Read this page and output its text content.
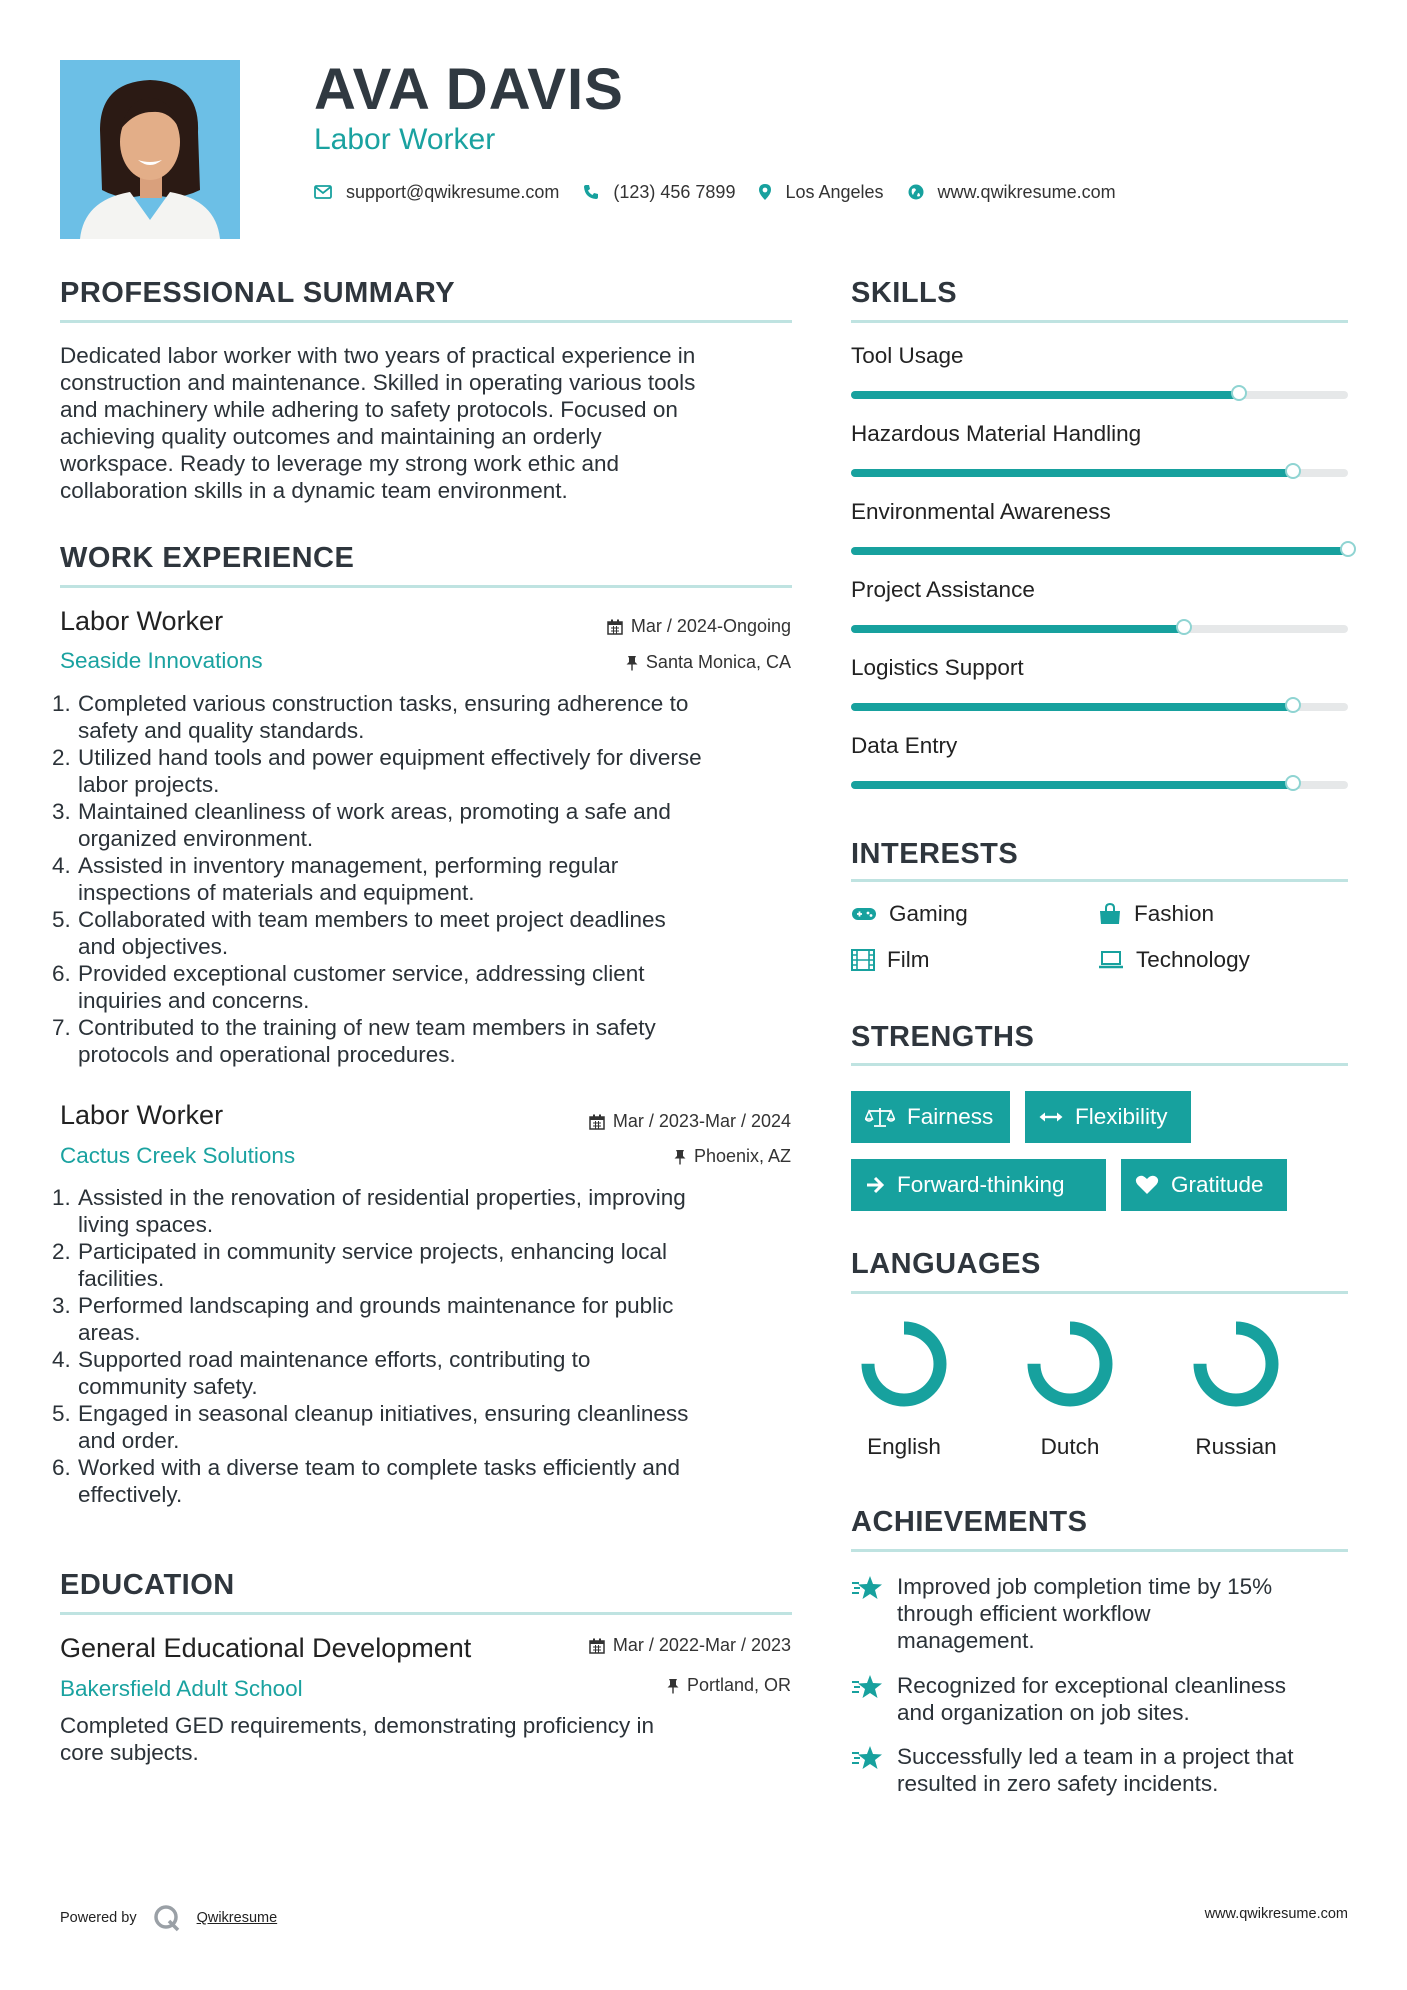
AVA DAVIS
Labor Worker
support@qwikresume.com	(123) 456 7899	Los Angeles	www.qwikresume.com
PROFESSIONAL SUMMARY
Dedicated labor worker with two years of practical experience in
construction and maintenance. Skilled in operating various tools
and machinery while adhering to safety protocols. Focused on
achieving quality outcomes and maintaining an orderly
workspace. Ready to leverage my strong work ethic and
collaboration skills in a dynamic team environment.
WORK EXPERIENCE
Labor Worker	Mar / 2024-Ongoing
Seaside Innovations	Santa Monica, CA
1. Completed various construction tasks, ensuring adherence to
safety and quality standards.
2. Utilized hand tools and power equipment effectively for diverse
labor projects.
3. Maintained cleanliness of work areas, promoting a safe and
organized environment.
4. Assisted in inventory management, performing regular
inspections of materials and equipment.
5. Collaborated with team members to meet project deadlines
and objectives.
6. Provided exceptional customer service, addressing client
inquiries and concerns.
7. Contributed to the training of new team members in safety
protocols and operational procedures.
Labor Worker	Mar / 2023-Mar / 2024
Cactus Creek Solutions	Phoenix, AZ
1. Assisted in the renovation of residential properties, improving
living spaces.
2. Participated in community service projects, enhancing local
facilities.
3. Performed landscaping and grounds maintenance for public
areas.
4. Supported road maintenance efforts, contributing to
community safety.
5. Engaged in seasonal cleanup initiatives, ensuring cleanliness
and order.
6. Worked with a diverse team to complete tasks efficiently and
effectively.
EDUCATION
General Educational Development	Mar / 2022-Mar / 2023
Bakersfield Adult School	Portland, OR
Completed GED requirements, demonstrating proficiency in
core subjects.
SKILLS
Tool Usage
Hazardous Material Handling
Environmental Awareness
Project Assistance
Logistics Support
Data Entry
INTERESTS
Gaming	Fashion
Film	Technology
STRENGTHS
Fairness	Flexibility
Forward-thinking	Gratitude
LANGUAGES
English	Dutch	Russian
ACHIEVEMENTS
Improved job completion time by 15%
through efficient workflow
management.
Recognized for exceptional cleanliness
and organization on job sites.
Successfully led a team in a project that
resulted in zero safety incidents.
Powered by	Qwikresume	www.qwikresume.com
